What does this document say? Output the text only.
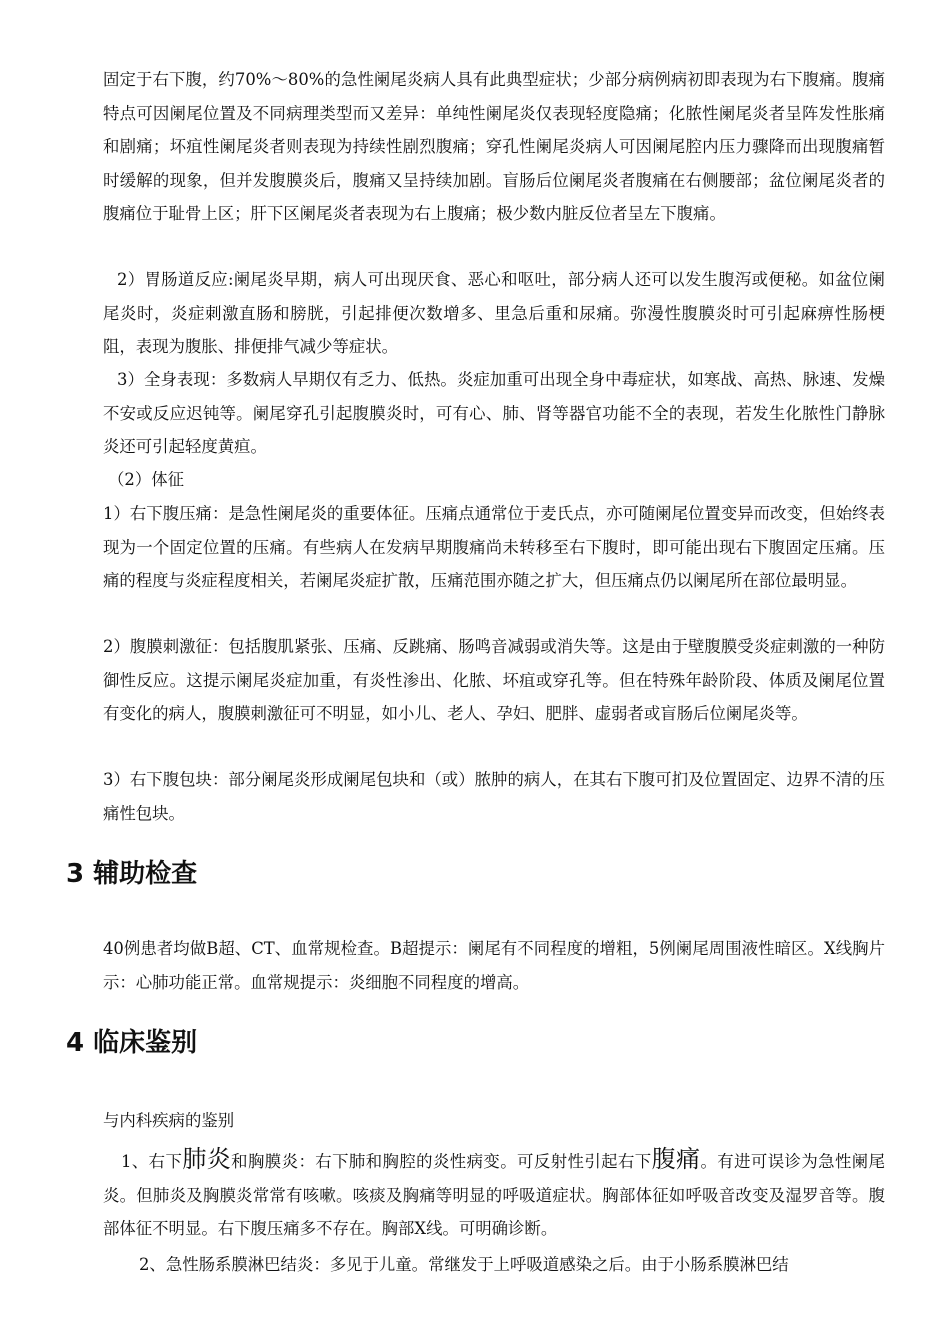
固定于右下腹，约70%～80%的急性阑尾炎病人具有此典型症状；少部分病例病初即表现为右下腹痛。腹痛特点可因阑尾位置及不同病理类型而又差异：单纯性阑尾炎仅表现轻度隐痛；化脓性阑尾炎者呈阵发性胀痛和剧痛；坏疽性阑尾炎者则表现为持续性剧烈腹痛；穿孔性阑尾炎病人可因阑尾腔内压力骤降而出现腹痛暂时缓解的现象，但并发腹膜炎后，腹痛又呈持续加剧。盲肠后位阑尾炎者腹痛在右侧腰部；盆位阑尾炎者的腹痛位于耻骨上区；肝下区阑尾炎者表现为右上腹痛；极少数内脏反位者呈左下腹痛。

2）胃肠道反应:阑尾炎早期，病人可出现厌食、恶心和呕吐，部分病人还可以发生腹泻或便秘。如盆位阑尾炎时，炎症刺激直肠和膀胱，引起排便次数增多、里急后重和尿痛。弥漫性腹膜炎时可引起麻痹性肠梗阻，表现为腹胀、排便排气减少等症状。

3）全身表现：多数病人早期仅有乏力、低热。炎症加重可出现全身中毒症状，如寒战、高热、脉速、发燥不安或反应迟钝等。阑尾穿孔引起腹膜炎时，可有心、肺、肾等器官功能不全的表现，若发生化脓性门静脉炎还可引起轻度黄疸。

（2）体征

1）右下腹压痛：是急性阑尾炎的重要体征。压痛点通常位于麦氏点，亦可随阑尾位置变异而改变，但始终表现为一个固定位置的压痛。有些病人在发病早期腹痛尚未转移至右下腹时，即可能出现右下腹固定压痛。压痛的程度与炎症程度相关，若阑尾炎症扩散，压痛范围亦随之扩大，但压痛点仍以阑尾所在部位最明显。

2）腹膜刺激征：包括腹肌紧张、压痛、反跳痛、肠鸣音减弱或消失等。这是由于壁腹膜受炎症刺激的一种防御性反应。这提示阑尾炎症加重，有炎性渗出、化脓、坏疽或穿孔等。但在特殊年龄阶段、体质及阑尾位置有变化的病人，腹膜刺激征可不明显，如小儿、老人、孕妇、肥胖、虚弱者或盲肠后位阑尾炎等。

3）右下腹包块：部分阑尾炎形成阑尾包块和（或）脓肿的病人，在其右下腹可扪及位置固定、边界不清的压痛性包块。

3 辅助检查

40例患者均做B超、CT、血常规检查。B超提示：阑尾有不同程度的增粗，5例阑尾周围液性暗区。X线胸片示：心肺功能正常。血常规提示：炎细胞不同程度的增高。

4 临床鉴别

与内科疾病的鉴别

1、右下肺炎和胸膜炎：右下肺和胸腔的炎性病变。可反射性引起右下腹痛。有进可误诊为急性阑尾炎。但肺炎及胸膜炎常常有咳嗽。咳痰及胸痛等明显的呼吸道症状。胸部体征如呼吸音改变及湿罗音等。腹部体征不明显。右下腹压痛多不存在。胸部X线。可明确诊断。

2、急性肠系膜淋巴结炎：多见于儿童。常继发于上呼吸道感染之后。由于小肠系膜淋巴结
